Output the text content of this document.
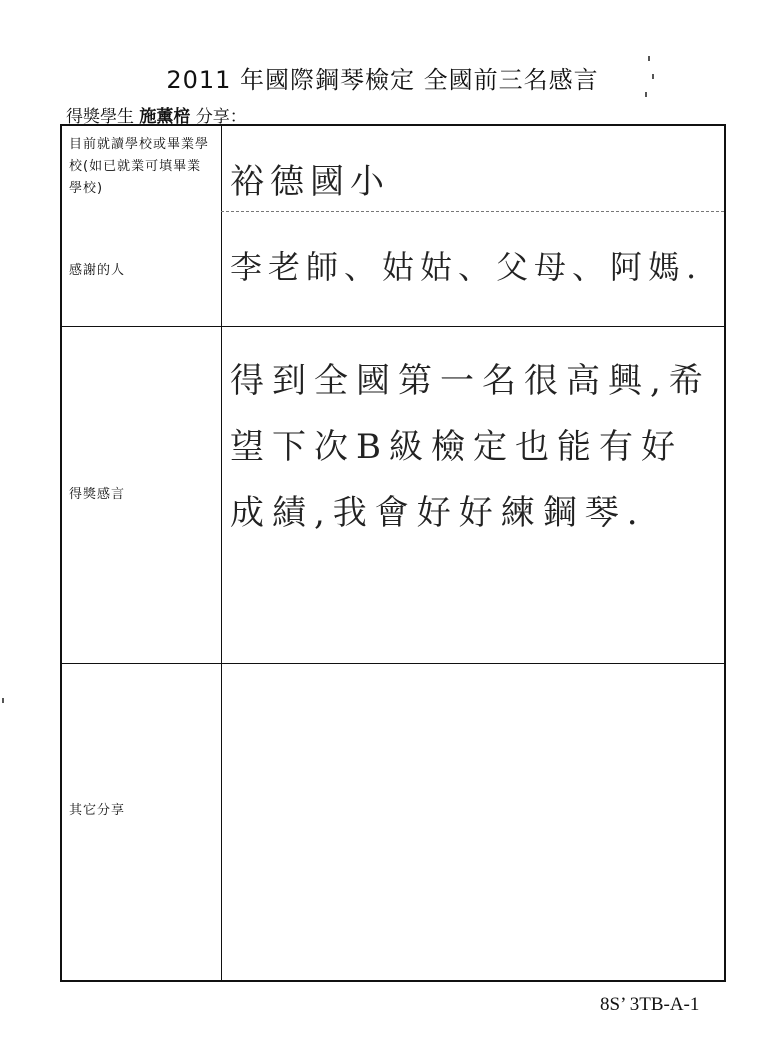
2011 年國際鋼琴檢定 全國前三名感言
得獎學生 施薰棓 分享：
目前就讀學校或畢業學校(如已就業可填畢業學校)	裕德國小
感謝的人	李老師、姑姑、父母、阿媽.
得獎感言
得到全國第一名很高興,希望下次B級檢定也能有好成績,我會好好練鋼琴.
其它分享
8S’ 3TB-A-1
